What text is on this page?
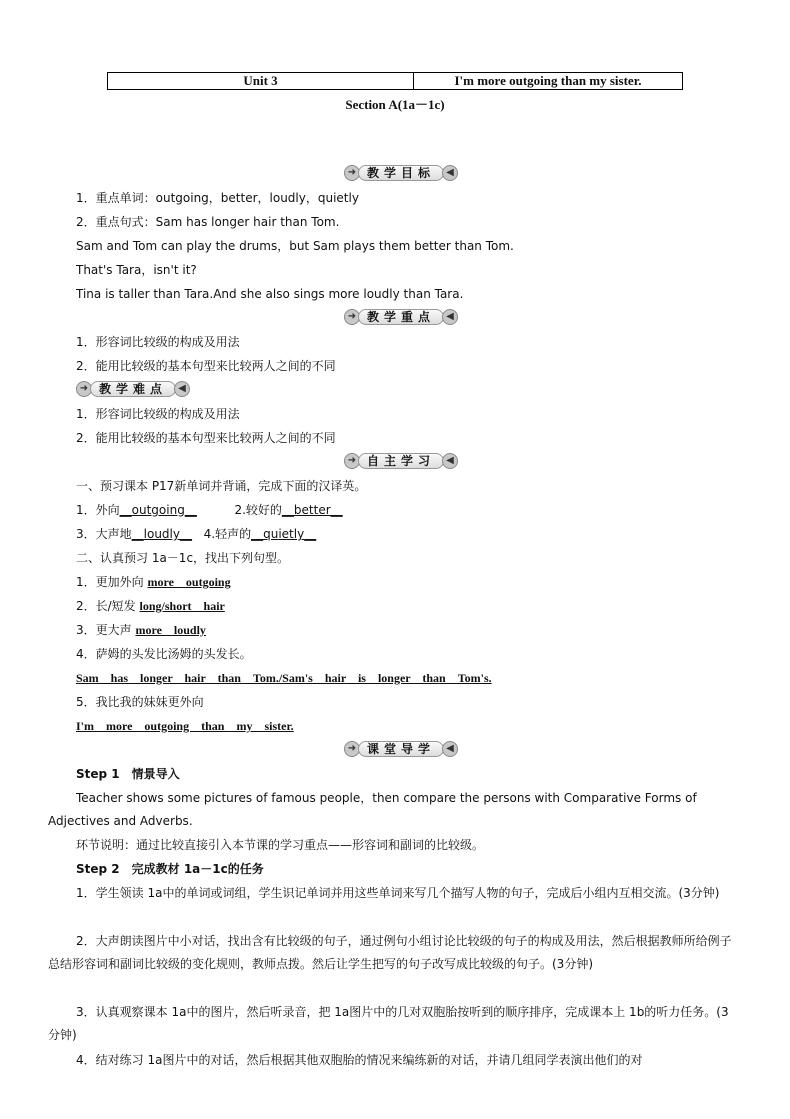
Unit 3	I'm more outgoing than my sister.
Section A(1a－1c)
➜ 教学目标	◀
1．重点单词：outgoing，better，loudly，quietly
2．重点句式：Sam has longer hair than Tom.
Sam and Tom can play the drums，but Sam plays them better than Tom.
That's Tara，isn't it?
Tina is taller than Tara.And she also sings more loudly than Tara.
➜ 教学重点	◀
1．形容词比较级的构成及用法
2．能用比较级的基本句型来比较两人之间的不同
➜ 教学难点	◀
1．形容词比较级的构成及用法
2．能用比较级的基本句型来比较两人之间的不同
➜ 自主学习	◀
一、预习课本 P17新单词并背诵，完成下面的汉译英。
1．外向__outgoing__	2.较好的__better__
3．大声地__loudly__ 4.轻声的__quietly__
二、认真预习 1a－1c，找出下列句型。
1．更加外向 more　outgoing
2．长/短发 long/short　hair
3．更大声 more　loudly
4．萨姆的头发比汤姆的头发长。
Sam　has　longer　hair　than　Tom./Sam's　hair　is　longer　than　Tom's.
5．我比我的妹妹更外向
I'm　more　outgoing　than　my　sister.
➜ 课堂导学	◀
Step 1　情景导入
Teacher shows some pictures of famous people，then compare the persons with Comparative Forms of Adjectives and Adverbs.
环节说明：通过比较直接引入本节课的学习重点——形容词和副词的比较级。
Step 2　完成教材 1a－1c的任务
1．学生领读 1a中的单词或词组，学生识记单词并用这些单词来写几个描写人物的句子，完成后小组内互相交流。(3分钟)
2．大声朗读图片中小对话，找出含有比较级的句子，通过例句小组讨论比较级的句子的构成及用法，然后根据教师所给例子总结形容词和副词比较级的变化规则，教师点拨。然后让学生把写的句子改写成比较级的句子。(3分钟)
3．认真观察课本 1a中的图片，然后听录音，把 1a图片中的几对双胞胎按听到的顺序排序，完成课本上 1b的听力任务。(3分钟)
4．结对练习 1a图片中的对话，然后根据其他双胞胎的情况来编练新的对话，并请几组同学表演出他们的对
